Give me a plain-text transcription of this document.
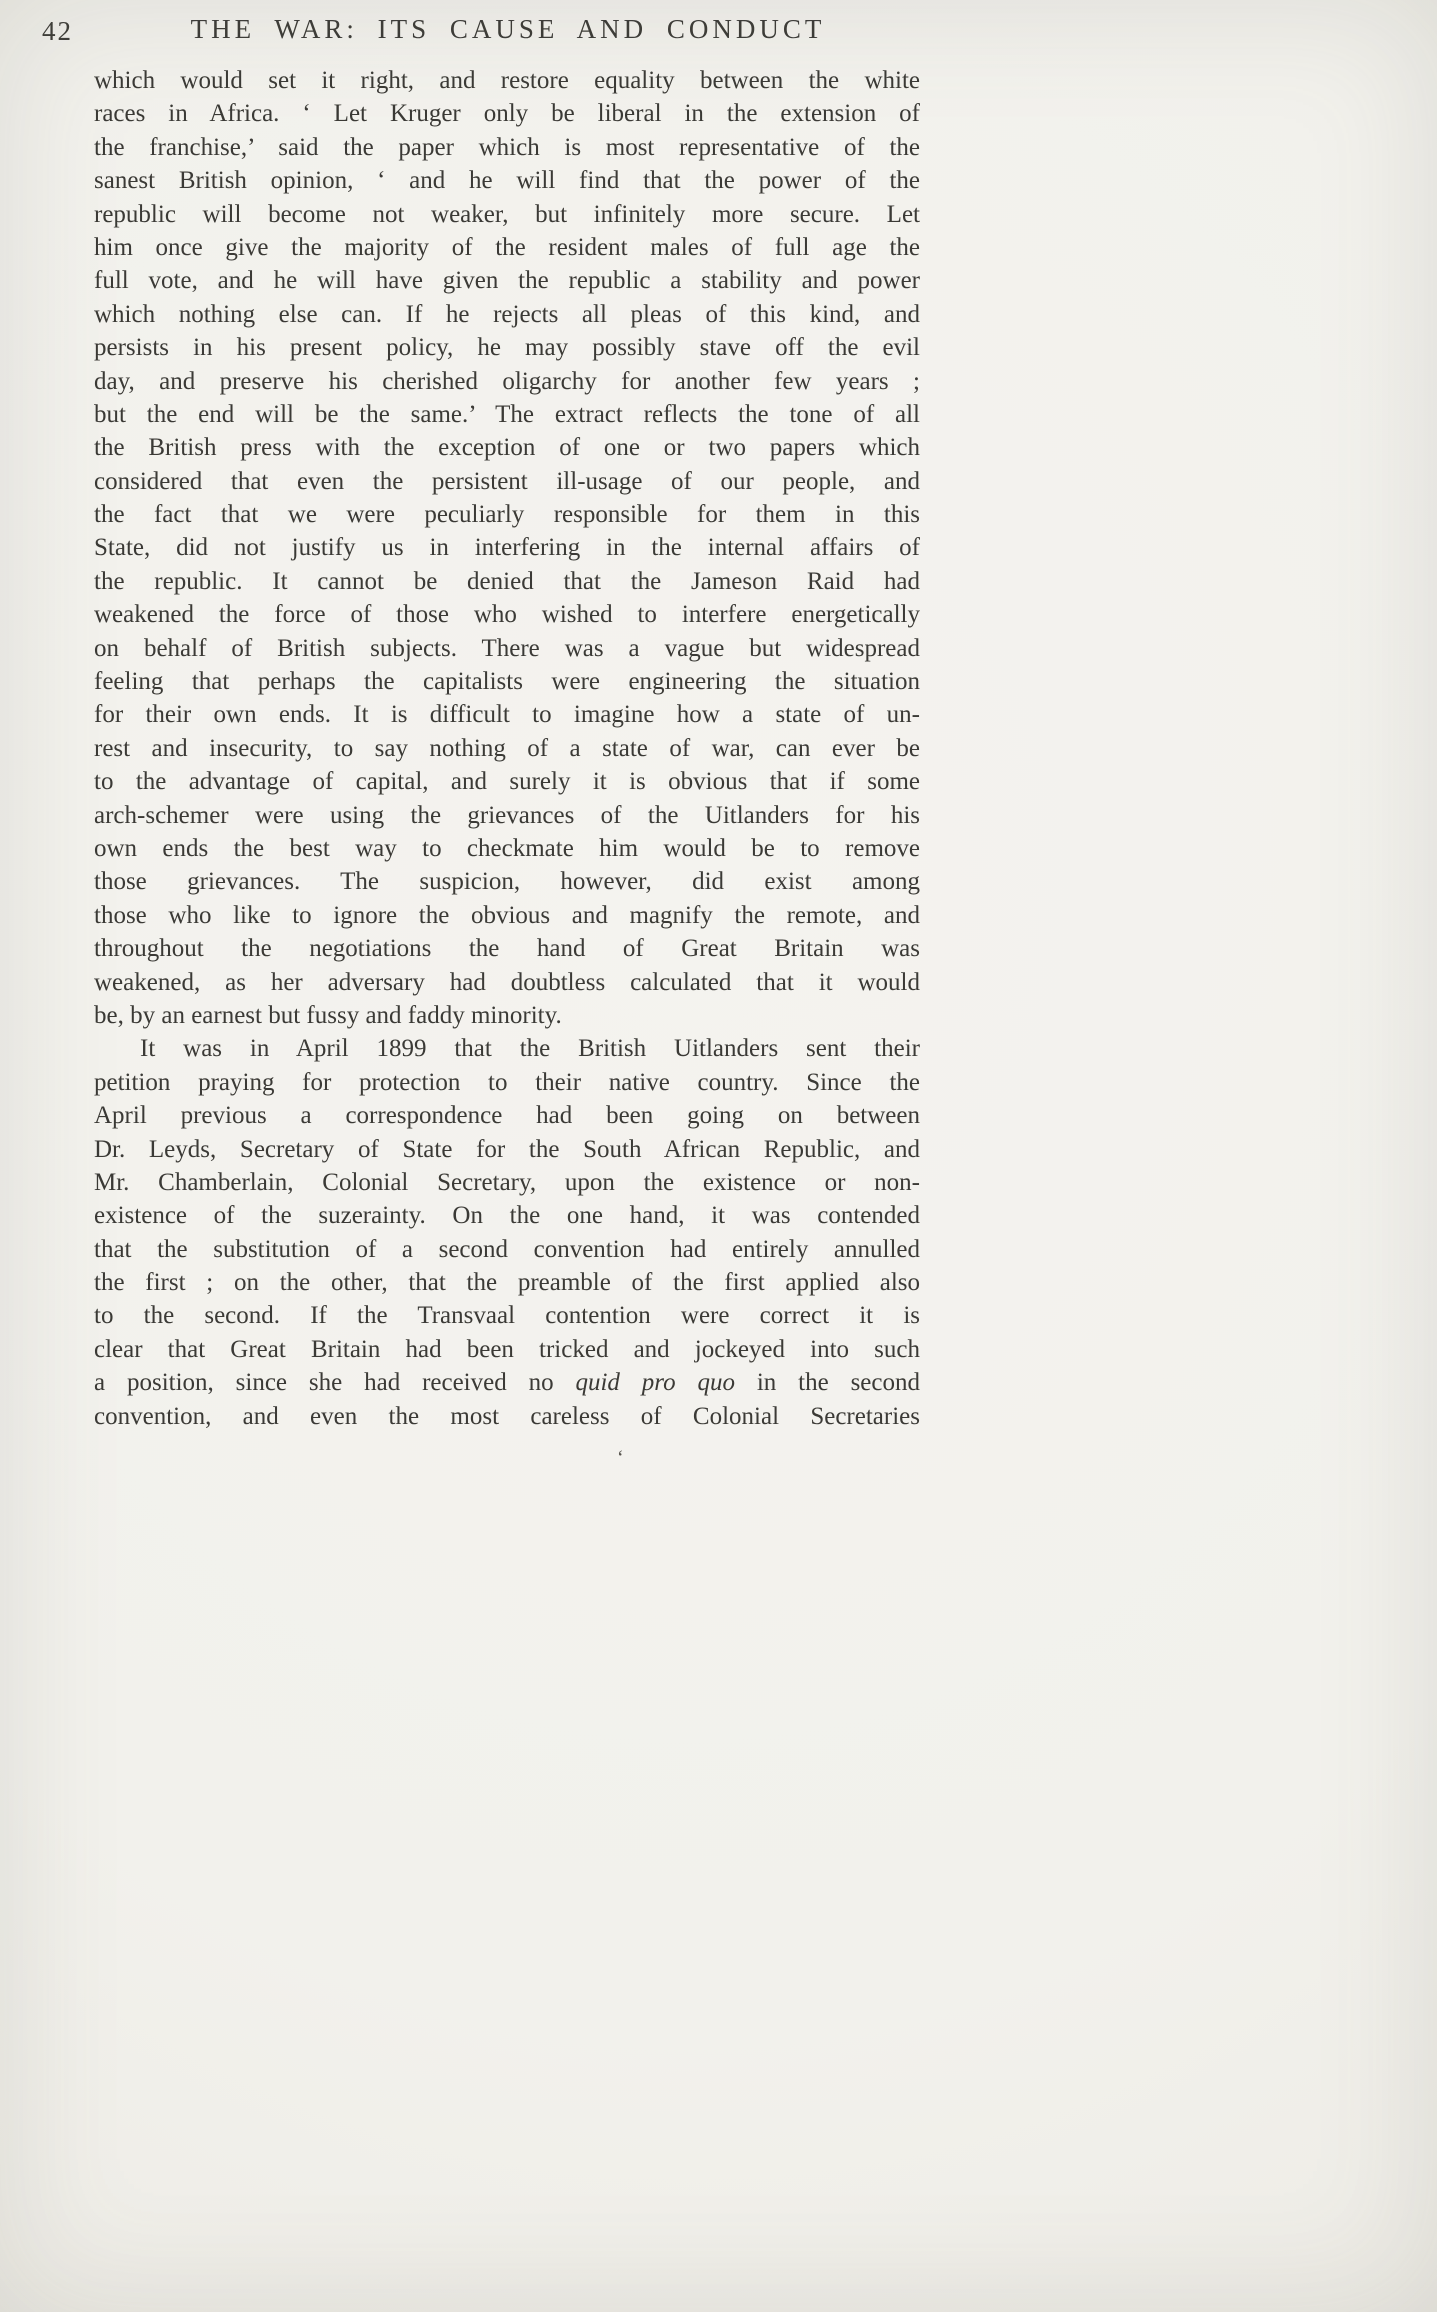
42	THE WAR: ITS CAUSE AND CONDUCT
which would set it right, and restore equality between the white
races in Africa. ‘ Let Kruger only be liberal in the extension of
the franchise,’ said the paper which is most representative of the
sanest British opinion, ‘ and he will find that the power of the
republic will become not weaker, but infinitely more secure. Let
him once give the majority of the resident males of full age the
full vote, and he will have given the republic a stability and power
which nothing else can. If he rejects all pleas of this kind, and
persists in his present policy, he may possibly stave off the evil
day, and preserve his cherished oligarchy for another few years ;
but the end will be the same.’ The extract reflects the tone of all
the British press with the exception of one or two papers which
considered that even the persistent ill-usage of our people, and
the fact that we were peculiarly responsible for them in this
State, did not justify us in interfering in the internal affairs of
the republic. It cannot be denied that the Jameson Raid had
weakened the force of those who wished to interfere energetically
on behalf of British subjects. There was a vague but widespread
feeling that perhaps the capitalists were engineering the situation
for their own ends. It is difficult to imagine how a state of un-
rest and insecurity, to say nothing of a state of war, can ever be
to the advantage of capital, and surely it is obvious that if some
arch-schemer were using the grievances of the Uitlanders for his
own ends the best way to checkmate him would be to remove
those grievances. The suspicion, however, did exist among
those who like to ignore the obvious and magnify the remote, and
throughout the negotiations the hand of Great Britain was
weakened, as her adversary had doubtless calculated that it would
be, by an earnest but fussy and faddy minority.
It was in April 1899 that the British Uitlanders sent their
petition praying for protection to their native country. Since the
April previous a correspondence had been going on between
Dr. Leyds, Secretary of State for the South African Republic, and
Mr. Chamberlain, Colonial Secretary, upon the existence or non-
existence of the suzerainty. On the one hand, it was contended
that the substitution of a second convention had entirely annulled
the first ; on the other, that the preamble of the first applied also
to the second. If the Transvaal contention were correct it is
clear that Great Britain had been tricked and jockeyed into such
a position, since she had received no quid pro quo in the second
convention, and even the most careless of Colonial Secretaries
‘
